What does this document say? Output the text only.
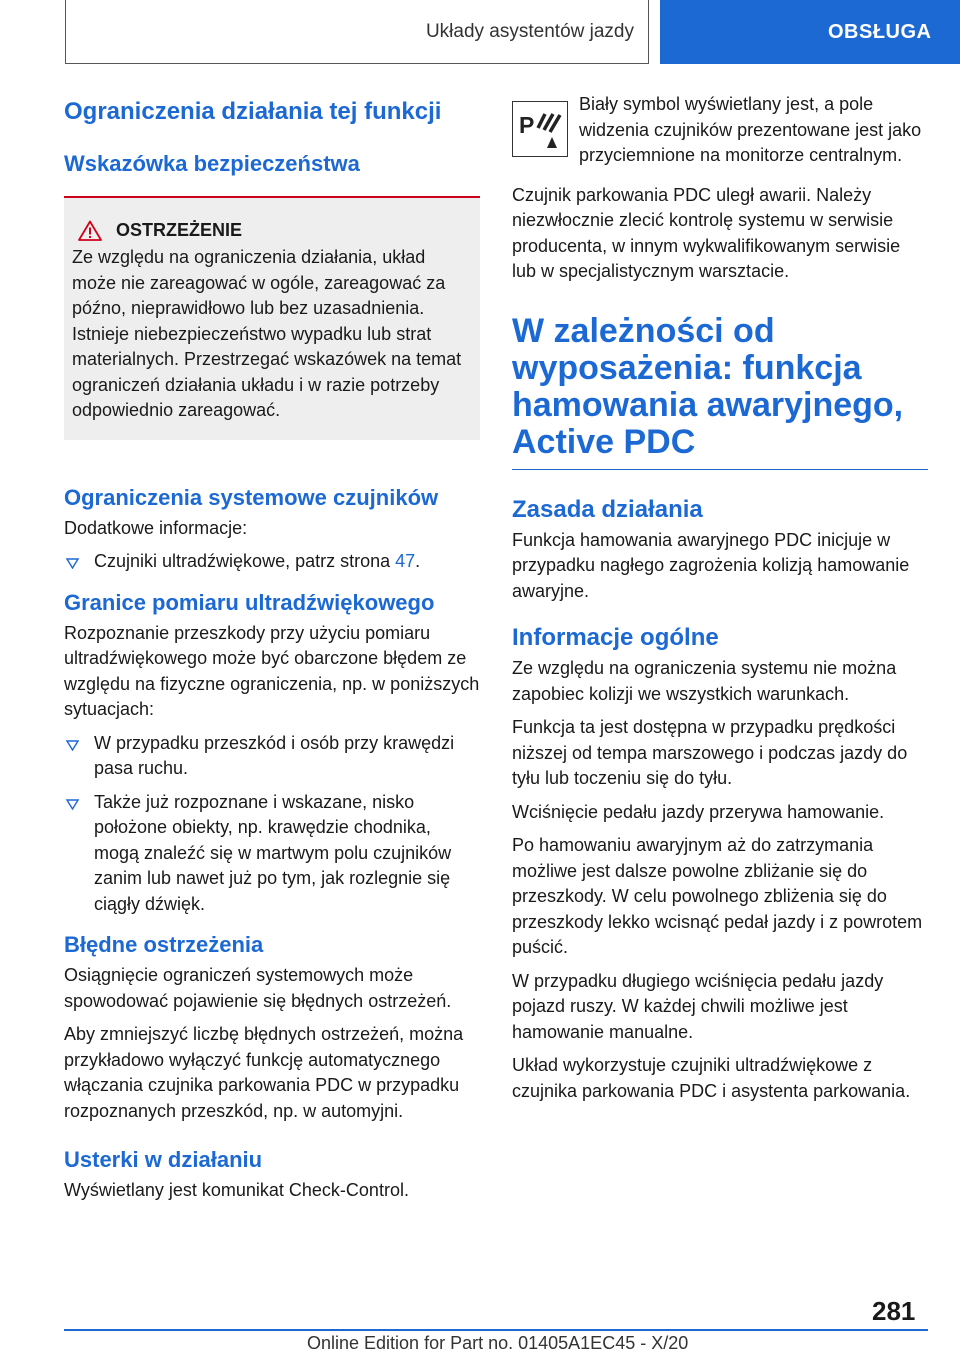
Układy asystentów jazdy	OBSŁUGA
Ograniczenia działania tej funkcji
Wskazówka bezpieczeństwa
OSTRZEŻENIE

Ze względu na ograniczenia działania, układ może nie zareagować w ogóle, zareagować za późno, nieprawidłowo lub bez uzasadnienia. Istnieje niebezpieczeństwo wypadku lub strat materialnych. Przestrzegać wskazówek na temat ograniczeń działania układu i w razie potrzeby odpowiednio zareagować.

Ograniczenia systemowe czujników

Dodatkowe informacje:

Czujniki ultradźwiękowe, patrz strona 47.
Granice pomiaru ultradźwiękowego

Rozpoznanie przeszkody przy użyciu pomiaru ultradźwiękowego może być obarczone błędem ze względu na fizyczne ograniczenia, np. w poniższych sytuacjach:

W przypadku przeszkód i osób przy krawędzi pasa ruchu.
Także już rozpoznane i wskazane, nisko położone obiekty, np. krawędzie chodnika, mogą znaleźć się w martwym polu czujników zanim lub nawet już po tym, jak rozlegnie się ciągły dźwięk.
Błędne ostrzeżenia

Osiągnięcie ograniczeń systemowych może spowodować pojawienie się błędnych ostrzeżeń.

Aby zmniejszyć liczbę błędnych ostrzeżeń, można przykładowo wyłączyć funkcję automatycznego włączania czujnika parkowania PDC w przypadku rozpoznanych przeszkód, np. w automyjni.

Usterki w działaniu

Wyświetlany jest komunikat Check-Control.

P

Biały symbol wyświetlany jest, a pole widzenia czujników prezentowane jest jako przyciemnione na monitorze centralnym.

Czujnik parkowania PDC uległ awarii. Należy niezwłocznie zlecić kontrolę systemu w serwisie producenta, w innym wykwalifikowanym serwisie lub w specjalistycznym warsztacie.

W zależności od wyposażenia: funkcja hamowania awaryjnego, Active PDC
Zasada działania

Funkcja hamowania awaryjnego PDC inicjuje w przypadku nagłego zagrożenia kolizją hamowanie awaryjne.

Informacje ogólne

Ze względu na ograniczenia systemu nie można zapobiec kolizji we wszystkich warunkach.

Funkcja ta jest dostępna w przypadku prędkości niższej od tempa marszowego i podczas jazdy do tyłu lub toczeniu się do tyłu.

Wciśnięcie pedału jazdy przerywa hamowanie.

Po hamowaniu awaryjnym aż do zatrzymania możliwe jest dalsze powolne zbliżanie się do przeszkody. W celu powolnego zbliżenia się do przeszkody lekko wcisnąć pedał jazdy i z powrotem puścić.

W przypadku długiego wciśnięcia pedału jazdy pojazd ruszy. W każdej chwili możliwe jest hamowanie manualne.

Układ wykorzystuje czujniki ultradźwiękowe z czujnika parkowania PDC i asystenta parkowania.

281
Online Edition for Part no. 01405A1EC45 - X/20
